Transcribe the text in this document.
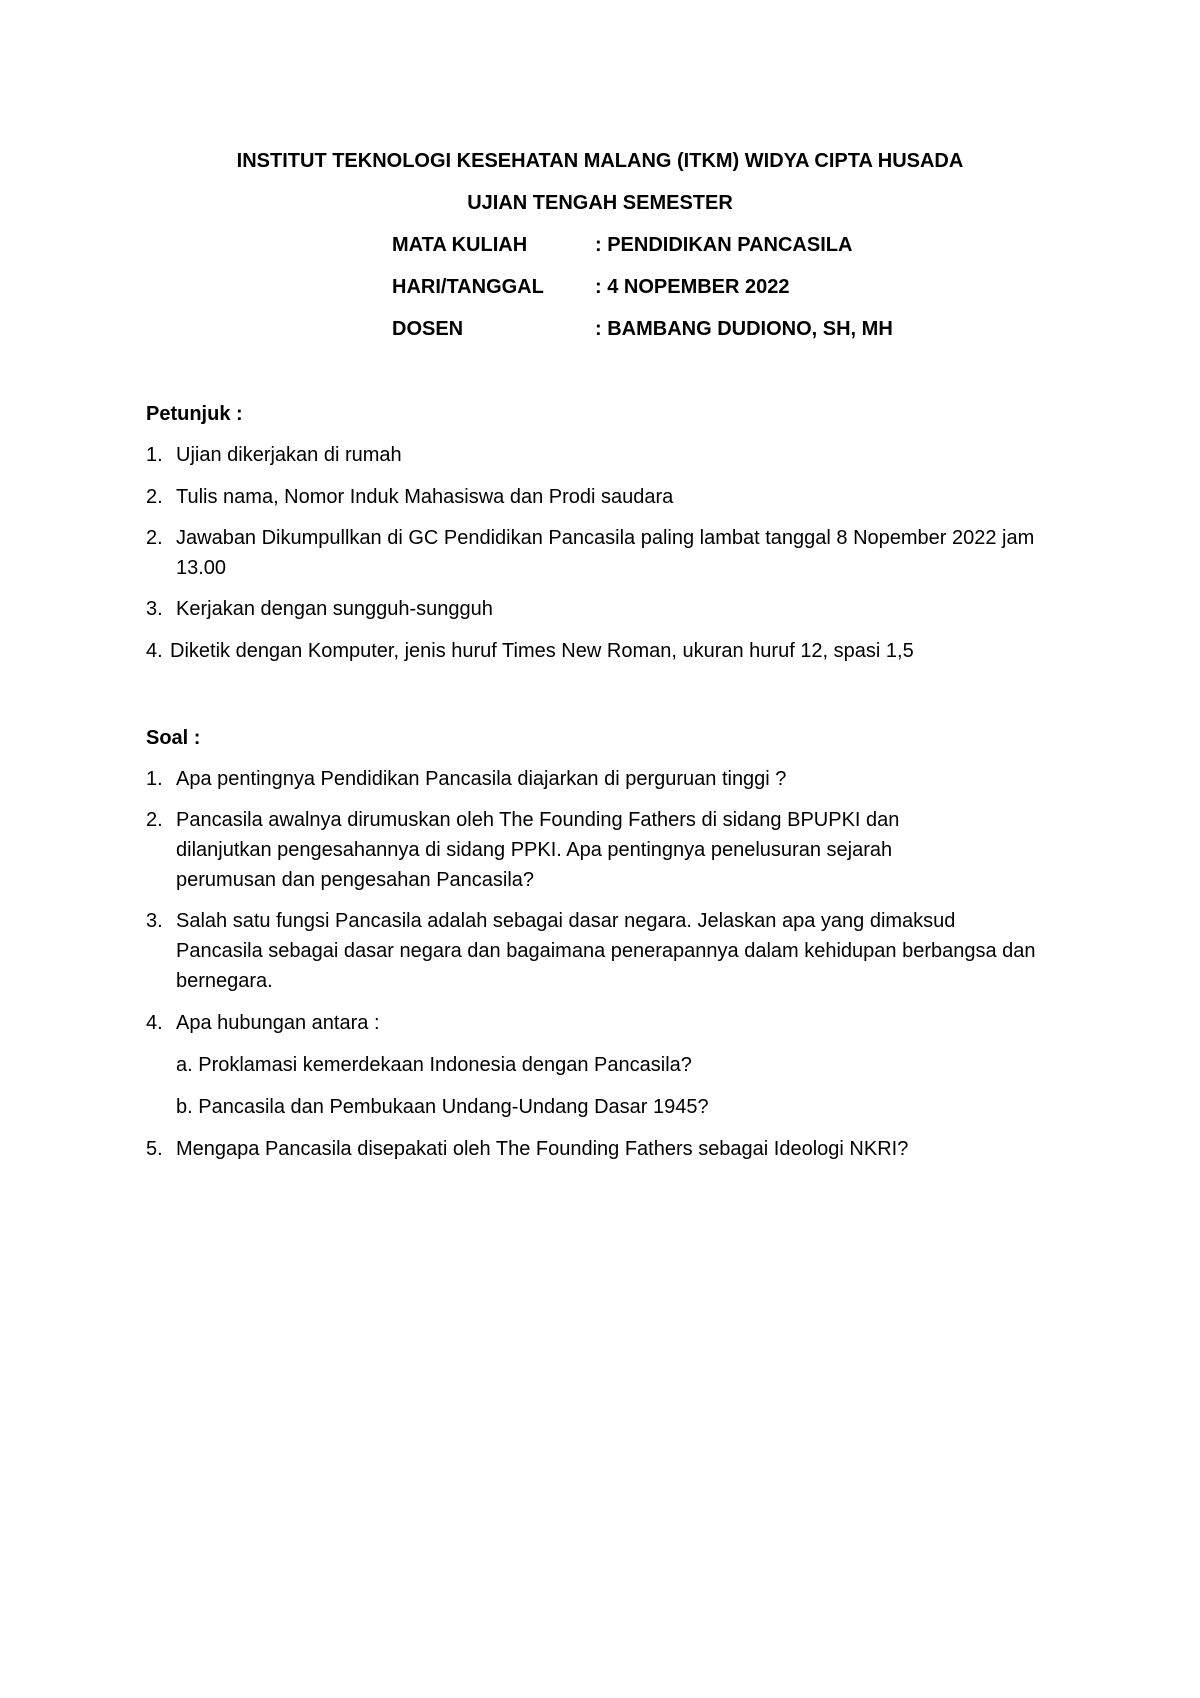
INSTITUT TEKNOLOGI KESEHATAN MALANG (ITKM) WIDYA CIPTA HUSADA
UJIAN TENGAH SEMESTER
MATA KULIAH	: PENDIDIKAN PANCASILA
HARI/TANGGAL	: 4 NOPEMBER 2022
DOSEN	: BAMBANG DUDIONO, SH, MH
Petunjuk :
1. Ujian dikerjakan di rumah
2. Tulis nama, Nomor Induk Mahasiswa dan Prodi saudara
2. Jawaban Dikumpullkan di GC Pendidikan Pancasila paling lambat tanggal 8 Nopember 2022 jam 13.00
3. Kerjakan dengan sungguh-sungguh
4. Diketik dengan Komputer, jenis huruf Times New Roman, ukuran huruf 12, spasi 1,5
Soal :
1. Apa pentingnya Pendidikan Pancasila diajarkan di perguruan tinggi ?
2. Pancasila awalnya dirumuskan oleh The Founding Fathers di sidang BPUPKI dan dilanjutkan pengesahannya di sidang PPKI. Apa pentingnya penelusuran sejarah perumusan dan pengesahan Pancasila?
3. Salah satu fungsi Pancasila adalah sebagai dasar negara. Jelaskan apa yang dimaksud Pancasila sebagai dasar negara dan bagaimana penerapannya dalam kehidupan berbangsa dan bernegara.
4. Apa hubungan antara :
a. Proklamasi kemerdekaan Indonesia dengan Pancasila?
b. Pancasila dan Pembukaan Undang-Undang Dasar 1945?
5. Mengapa Pancasila disepakati oleh The Founding Fathers sebagai Ideologi NKRI?
